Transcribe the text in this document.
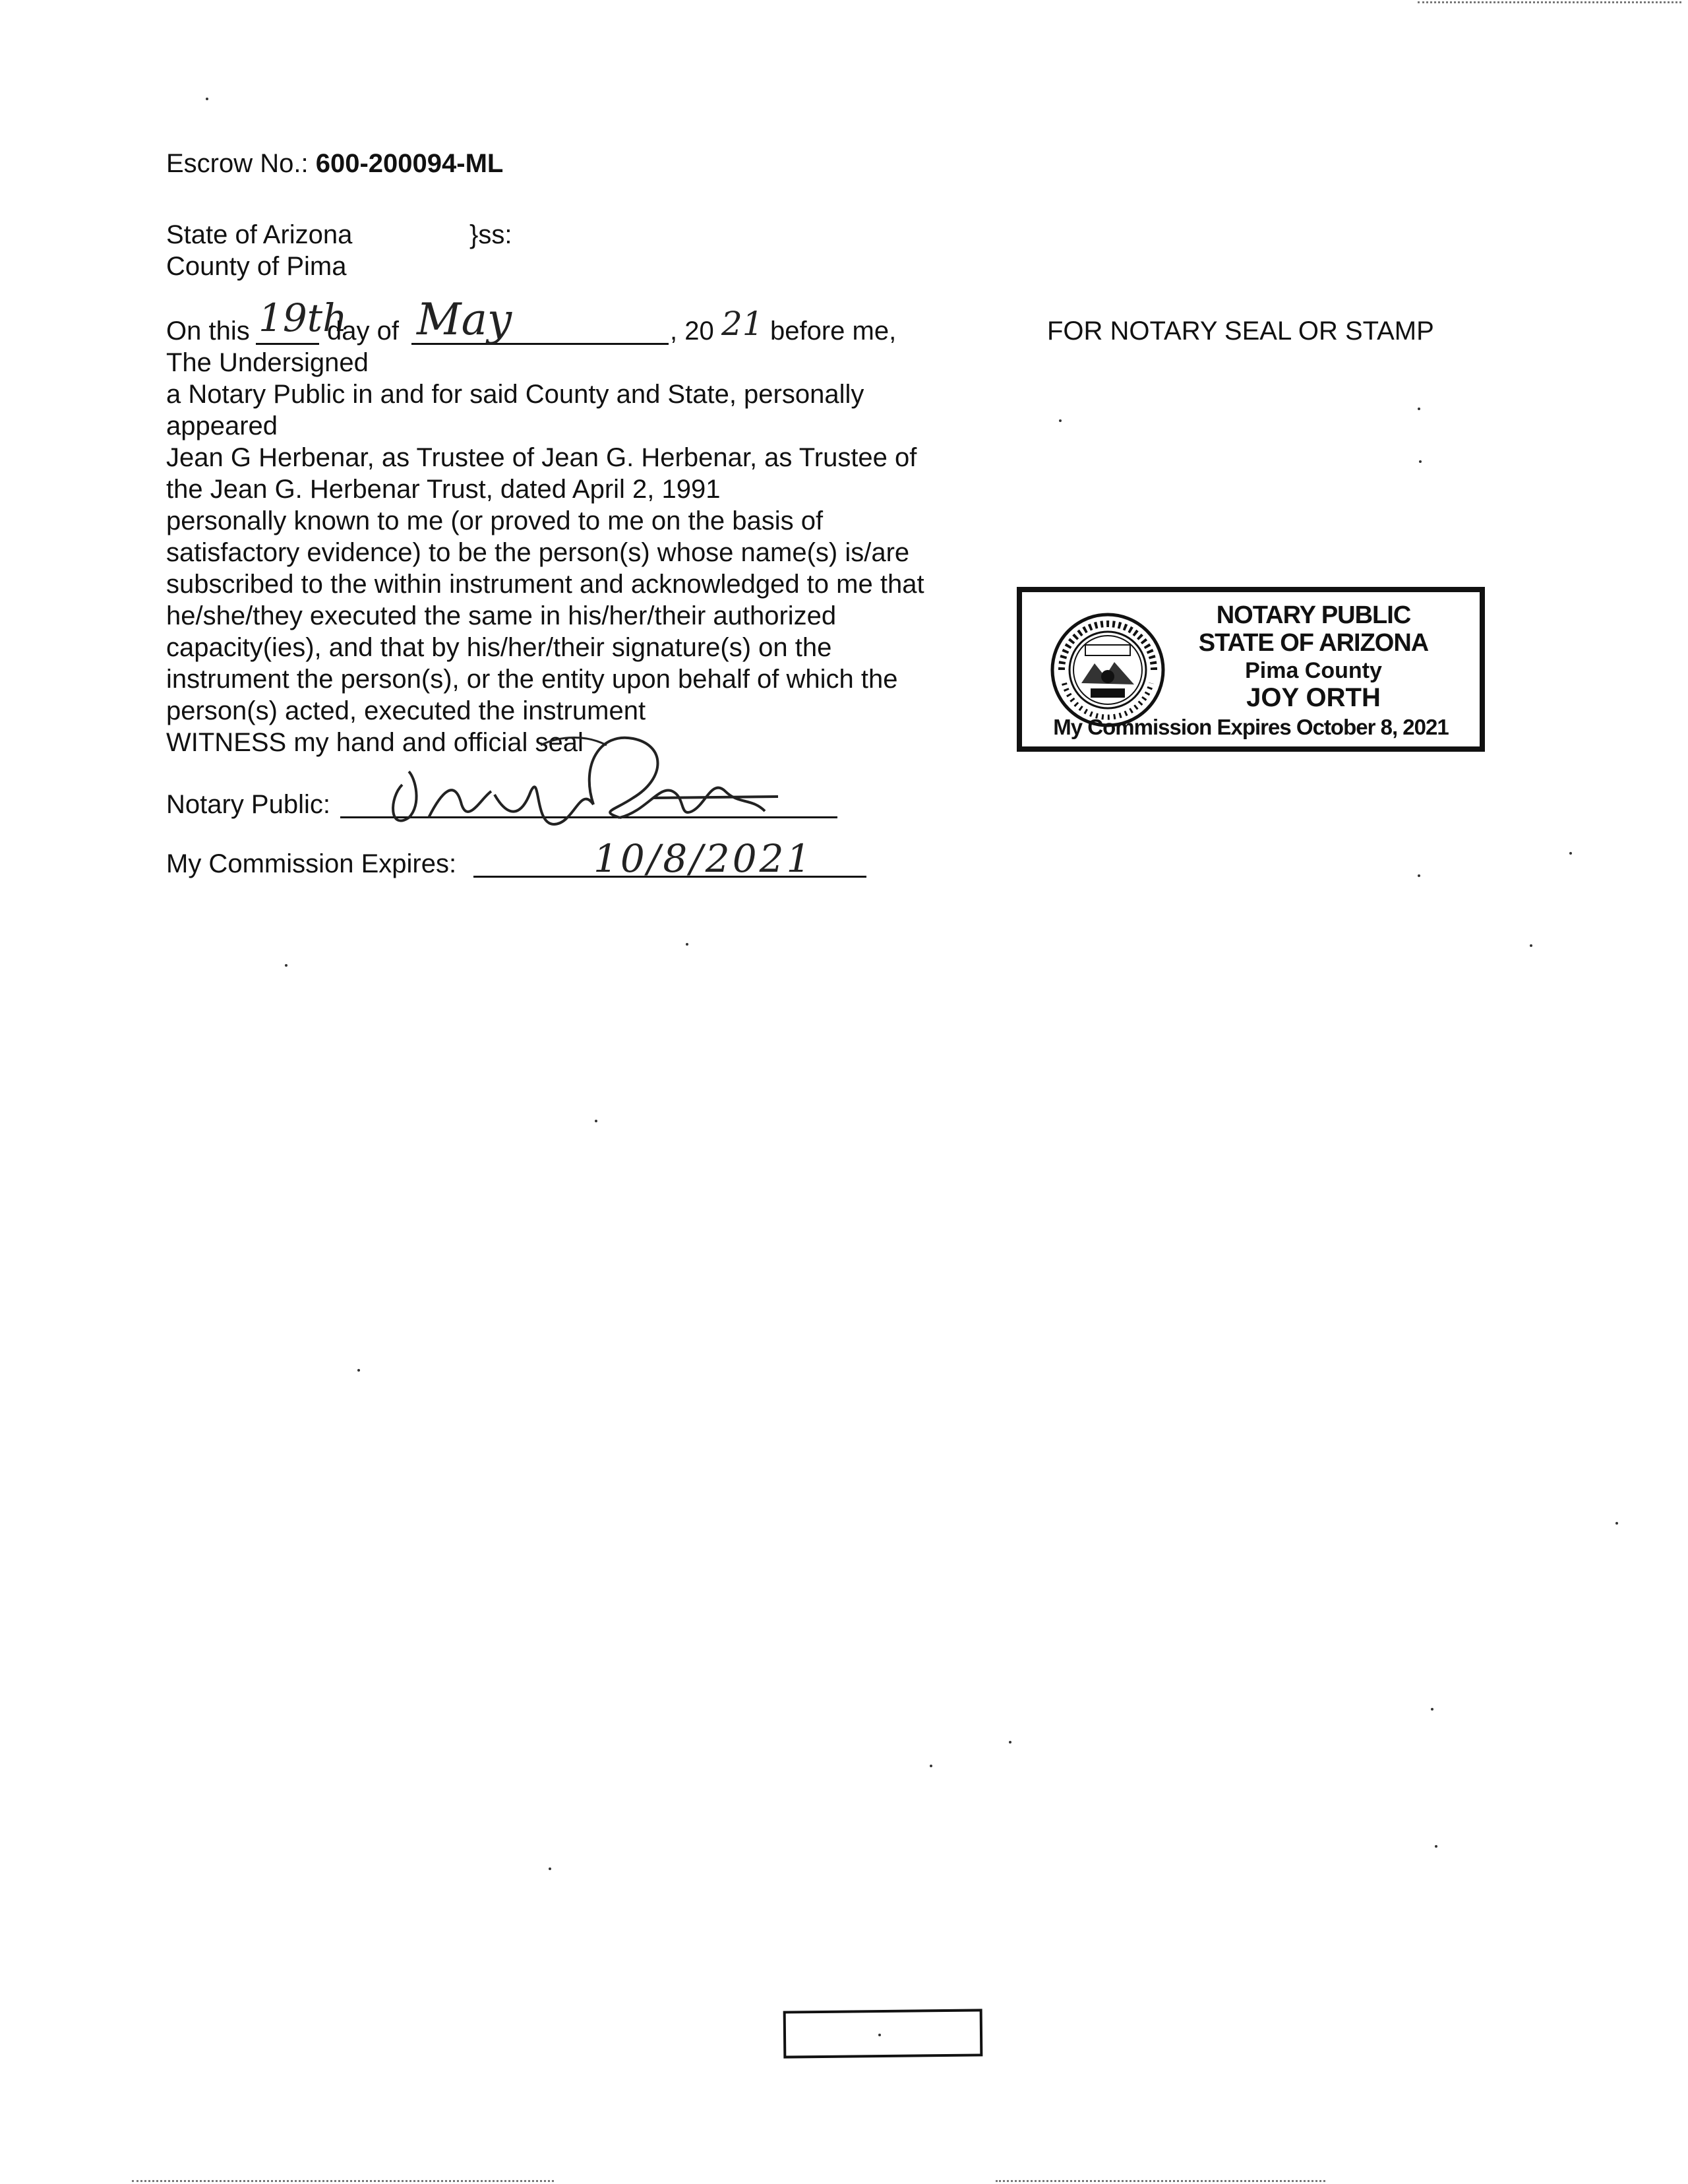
Escrow No.: 600-200094-ML
State of Arizona	}ss:
County of Pima
On this 19th
day of May	, 20 21 before me,
The Undersigned
a Notary Public in and for said County and State, personally
appeared
Jean G Herbenar, as Trustee of Jean G. Herbenar, as Trustee of
the Jean G. Herbenar Trust, dated April 2, 1991
personally known to me (or proved to me on the basis of
satisfactory evidence) to be the person(s) whose name(s) is/are
subscribed to the within instrument and acknowledged to me that
he/she/they executed the same in his/her/their authorized
capacity(ies), and that by his/her/their signature(s) on the
instrument the person(s), or the entity upon behalf of which the
person(s) acted, executed the instrument
WITNESS my hand and official seal
Notary Public:
My Commission Expires:	10/8/2021
FOR NOTARY SEAL OR STAMP
NOTARY PUBLIC
STATE OF ARIZONA
Pima County
JOY ORTH
My Commission Expires October 8, 2021
